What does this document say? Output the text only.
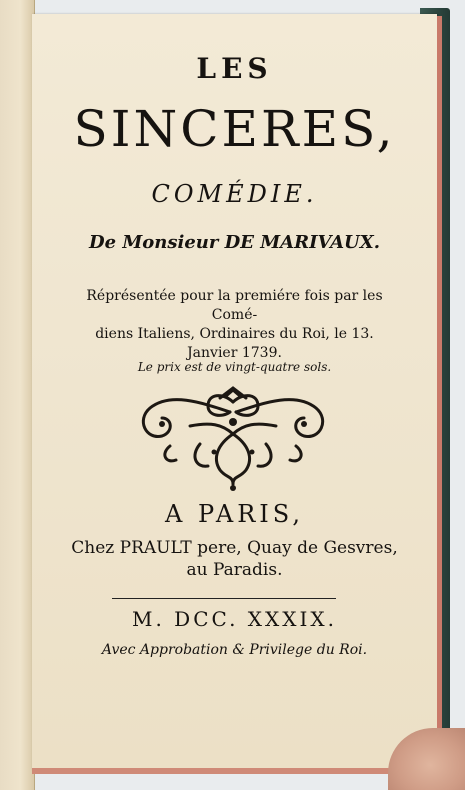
LES
SINCERES,
COMÉDIE.
De Monsieur DE MARIVAUX.
Réprésentée pour la premiére fois par les Comé-
diens Italiens, Ordinaires du Roi, le 13.
Janvier 1739.
Le prix est de vingt-quatre sols.
A PARIS,
Chez PRAULT pere, Quay de Gesvres,
au Paradis.
M. DCC. XXXIX.
Avec Approbation & Privilege du Roi.
